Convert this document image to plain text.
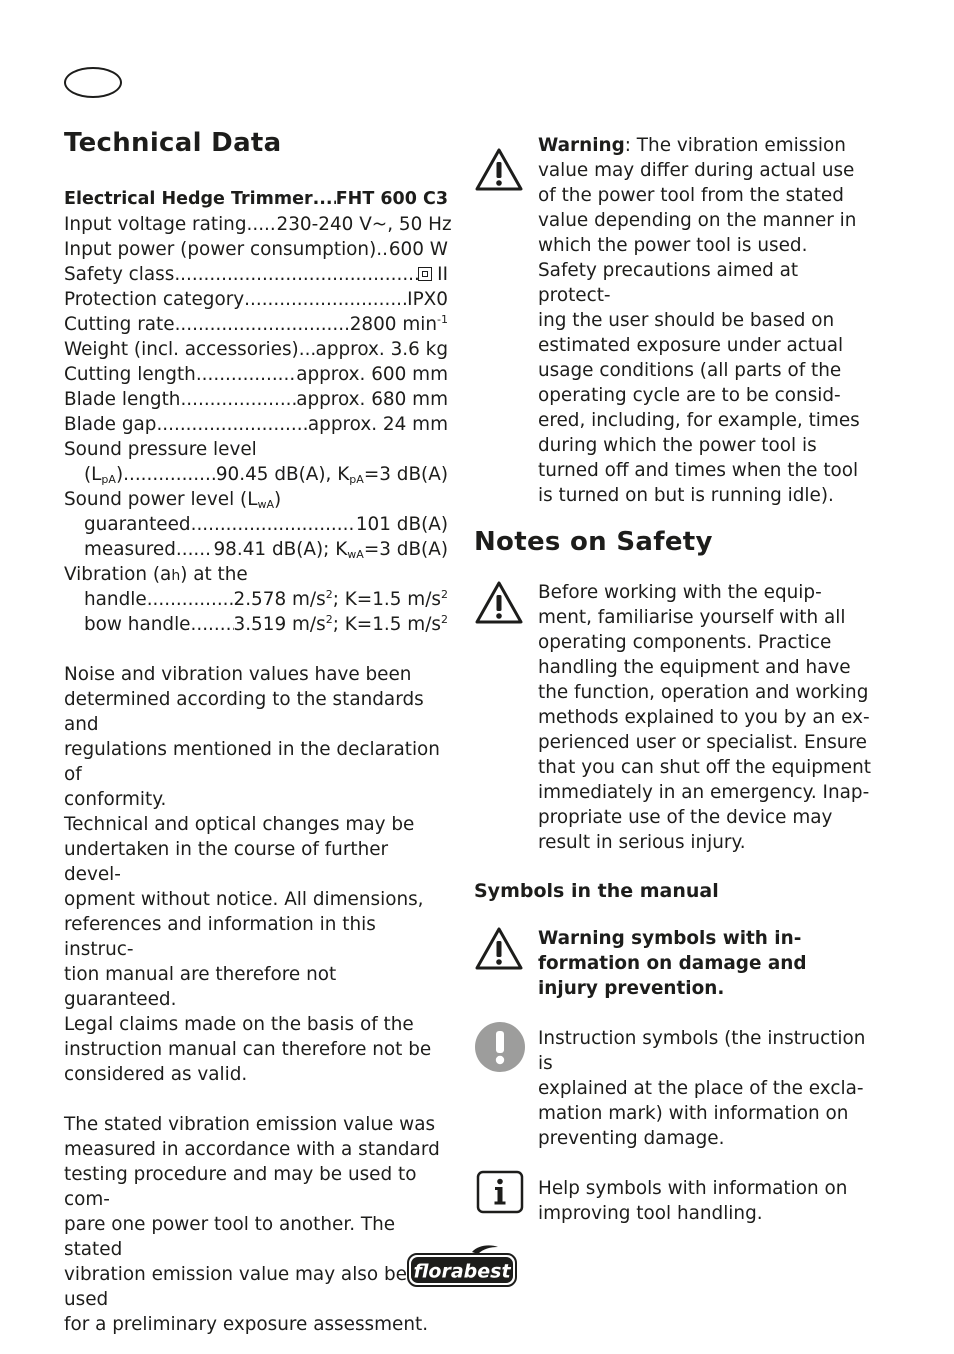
Technical Data
Electrical Hedge Trimmer ..... FHT 600 C3
Input voltage rating ..... 230-240 V~, 50 Hz
Input power (power consumption) ..... 600 W
Safety class .....	II
Protection category .....	IPX0
Cutting rate .....	2800 $\min^{-1}$
Weight (incl. accessories) ..... approx. 3.6 kg
Cutting length .....	approx. 600 mm
Blade length .....	approx. 680 mm
Blade gap .....	approx. 24 mm
Sound pressure level
$(L_{pA})$ .....	90.45 dB(A), $K_{pA}=3$ dB(A)
Sound power level $(L_{wA})$
guaranteed .....	101 dB(A)
measured ..... 98.41 dB(A); $K_{wA}=3$ dB(A)
Vibration (ah) at the
handle .....	2.578 $m/s^2$; K=1.5 $m/s^2$
bow handle ..... 3.519 $m/s^2$; K=1.5 $m/s^2$
Noise and vibration values have been
determined according to the standards and
regulations mentioned in the declaration of
conformity.
Technical and optical changes may be
undertaken in the course of further devel-
opment without notice. All dimensions,
references and information in this instruc-
tion manual are therefore not guaranteed.
Legal claims made on the basis of the
instruction manual can therefore not be
considered as valid.
The stated vibration emission value was
measured in accordance with a standard
testing procedure and may be used to com-
pare one power tool to another. The stated
vibration emission value may also be used
for a preliminary exposure assessment.
Warning: The vibration emission
value may differ during actual use
of the power tool from the stated
value depending on the manner in
which the power tool is used.
Safety precautions aimed at protect-
ing the user should be based on
estimated exposure under actual
usage conditions (all parts of the
operating cycle are to be consid-
ered, including, for example, times
during which the power tool is
turned off and times when the tool
is turned on but is running idle).
Notes on Safety
Before working with the equip-
ment, familiarise yourself with all
operating components. Practice
handling the equipment and have
the function, operation and working
methods explained to you by an ex-
perienced user or specialist. Ensure
that you can shut off the equipment
immediately in an emergency. Inap-
propriate use of the device may
result in serious injury.
Symbols in the manual
Warning symbols with in-
formation on damage and
injury prevention.
Instruction symbols (the instruction is
explained at the place of the excla-
mation mark) with information on
preventing damage.
Help symbols with information on
improving tool handling.
florabest
